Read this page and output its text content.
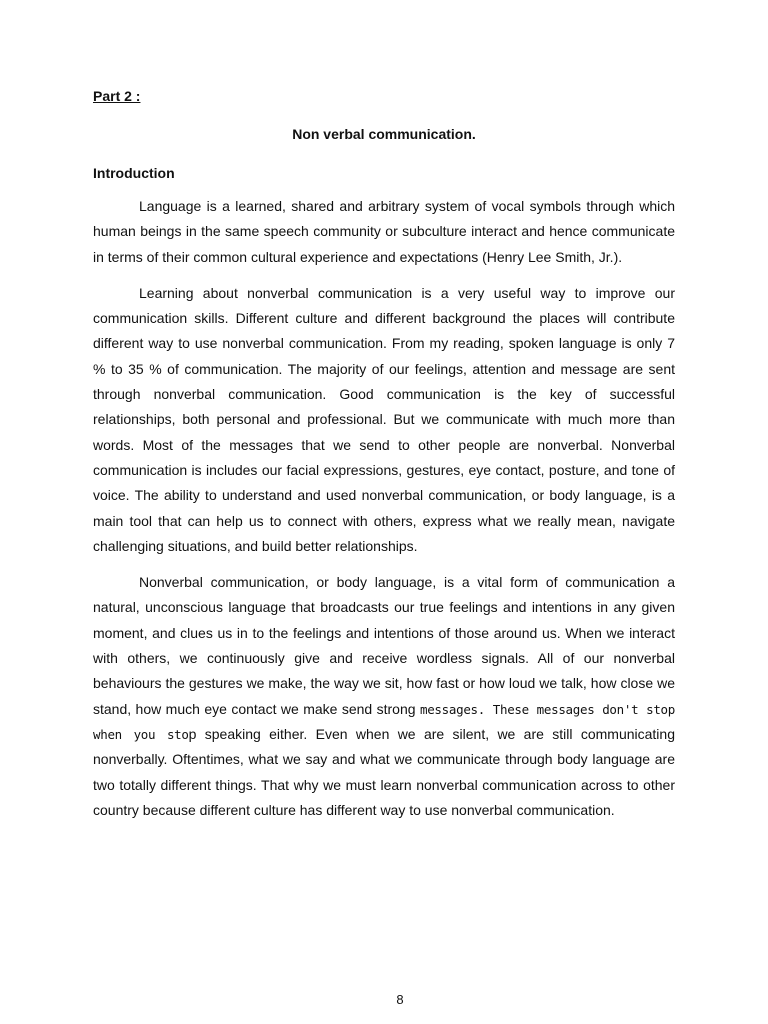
Part 2 :

Non verbal communication.

Introduction

Language is a learned, shared and arbitrary system of vocal symbols through which human beings in the same speech community or subculture interact and hence communicate in terms of their common cultural experience and expectations (Henry Lee Smith, Jr.).

Learning about nonverbal communication is a very useful way to improve our communication skills. Different culture and different background the places will contribute different way to use nonverbal communication. From my reading, spoken language is only 7 % to 35 % of communication. The majority of our feelings, attention and message are sent through nonverbal communication. Good communication is the key of successful relationships, both personal and professional. But we communicate with much more than words. Most of the messages that we send to other people are nonverbal. Nonverbal communication is includes our facial expressions, gestures, eye contact, posture, and tone of voice. The ability to understand and used nonverbal communication, or body language, is a main tool that can help us to connect with others, express what we really mean, navigate challenging situations, and build better relationships.

Nonverbal communication, or body language, is a vital form of communication a natural, unconscious language that broadcasts our true feelings and intentions in any given moment, and clues us in to the feelings and intentions of those around us. When we interact with others, we continuously give and receive wordless signals. All of our nonverbal behaviours the gestures we make, the way we sit, how fast or how loud we talk, how close we stand, how much eye contact we make send strong messages. These messages don't stop when you stop speaking either. Even when we are silent, we are still communicating nonverbally. Oftentimes, what we say and what we communicate through body language are two totally different things. That why we must learn nonverbal communication across to other country because different culture has different way to use nonverbal communication.

8
